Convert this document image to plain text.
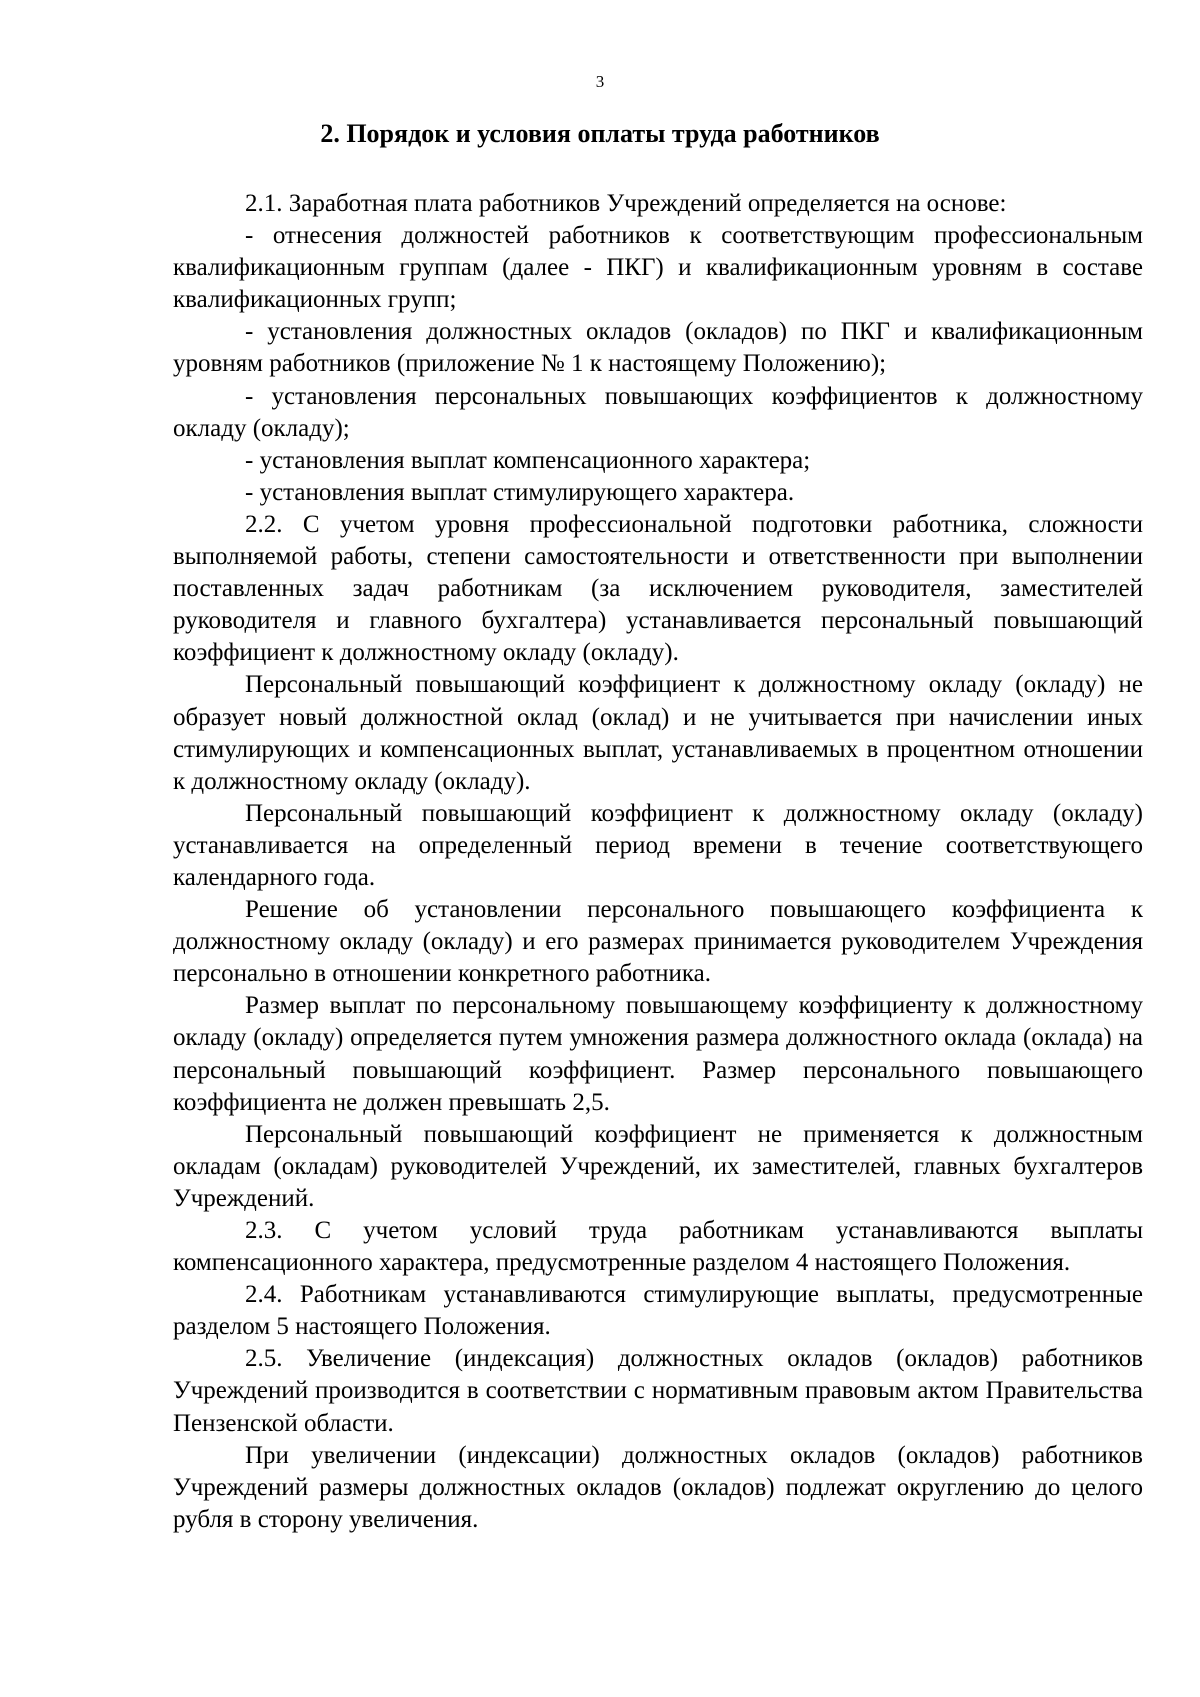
3
2. Порядок и условия оплаты труда работников

2.1. Заработная плата работников Учреждений определяется на основе:

- отнесения должностей работников к соответствующим профессиональным квалификационным группам (далее - ПКГ) и квалификационным уровням в составе квалификационных групп;

- установления должностных окладов (окладов) по ПКГ и квалификационным уровням работников (приложение № 1 к настоящему Положению);

- установления персональных повышающих коэффициентов к должностному окладу (окладу);

- установления выплат компенсационного характера;

- установления выплат стимулирующего характера.

2.2. С учетом уровня профессиональной подготовки работника, сложности выполняемой работы, степени самостоятельности и ответственности при выполнении поставленных задач работникам (за исключением руководителя, заместителей руководителя и главного бухгалтера) устанавливается персональный повышающий коэффициент к должностному окладу (окладу).

Персональный повышающий коэффициент к должностному окладу (окладу) не образует новый должностной оклад (оклад) и не учитывается при начислении иных стимулирующих и компенсационных выплат, устанавливаемых в процентном отношении к должностному окладу (окладу).

Персональный повышающий коэффициент к должностному окладу (окладу) устанавливается на определенный период времени в течение соответствующего календарного года.

Решение об установлении персонального повышающего коэффициента к должностному окладу (окладу) и его размерах принимается руководителем Учреждения персонально в отношении конкретного работника.

Размер выплат по персональному повышающему коэффициенту к должностному окладу (окладу) определяется путем умножения размера должностного оклада (оклада) на персональный повышающий коэффициент. Размер персонального повышающего коэффициента не должен превышать 2,5.

Персональный повышающий коэффициент не применяется к должностным окладам (окладам) руководителей Учреждений, их заместителей, главных бухгалтеров Учреждений.

2.3. С учетом условий труда работникам устанавливаются выплаты компенсационного характера, предусмотренные разделом 4 настоящего Положения.

2.4. Работникам устанавливаются стимулирующие выплаты, предусмотренные разделом 5 настоящего Положения.

2.5. Увеличение (индексация) должностных окладов (окладов) работников Учреждений производится в соответствии с нормативным правовым актом Правительства Пензенской области.

При увеличении (индексации) должностных окладов (окладов) работников Учреждений размеры должностных окладов (окладов) подлежат округлению до целого рубля в сторону увеличения.
